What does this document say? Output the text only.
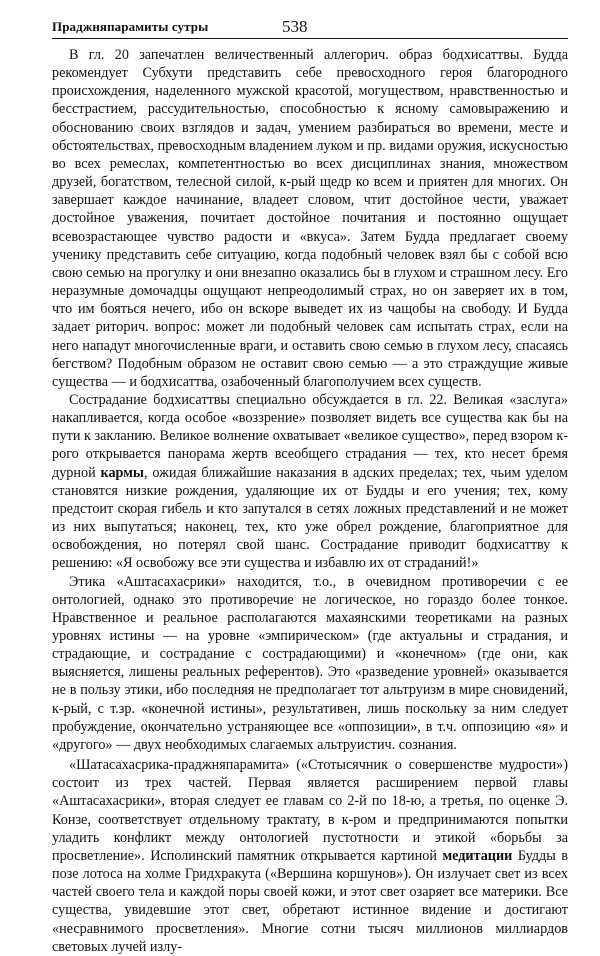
Праджняпарамиты сутры	538

В гл. 20 запечатлен величественный аллегорич. образ бодхисаттвы. Будда рекомендует Субхути представить себе превосходного героя благородного происхождения, наделенного мужской красотой, могуществом, нравственностью и бесстрастием, рассудительностью, способностью к ясному самовыражению и обоснованию своих взглядов и задач, умением разбираться во времени, месте и обстоятельствах, превосходным владением луком и пр. видами оружия, искусностью во всех ремеслах, компетентностью во всех дисциплинах знания, множеством друзей, богатством, телесной силой, к-рый щедр ко всем и приятен для многих. Он завершает каждое начинание, владеет словом, чтит достойное чести, уважает достойное уважения, почитает достойное почитания и постоянно ощущает всевозрастающее чувство радости и «вкуса». Затем Будда предлагает своему ученику представить себе ситуацию, когда подобный человек взял бы с собой всю свою семью на прогулку и они внезапно оказались бы в глухом и страшном лесу. Его неразумные домочадцы ощущают непреодолимый страх, но он заверяет их в том, что им бояться нечего, ибо он вскоре выведет их из чащобы на свободу. И Будда задает риторич. вопрос: может ли подобный человек сам испытать страх, если на него нападут многочисленные враги, и оставить свою семью в глухом лесу, спасаясь бегством? Подобным образом не оставит свою семью — а это страждущие живые существа — и бодхисаттва, озабоченный благополучием всех существ.

Сострадание бодхисаттвы специально обсуждается в гл. 22. Великая «заслуга» накапливается, когда особое «воззрение» позволяет видеть все существа как бы на пути к закланию. Великое волнение охватывает «великое существо», перед взором к-рого открывается панорама жертв всеобщего страдания — тех, кто несет бремя дурной кармы, ожидая ближайшие наказания в адских пределах; тех, чьим уделом становятся низкие рождения, удаляющие их от Будды и его учения; тех, кому предстоит скорая гибель и кто запутался в сетях ложных представлений и не может из них выпутаться; наконец, тех, кто уже обрел рождение, благоприятное для освобождения, но потерял свой шанс. Сострадание приводит бодхисаттву к решению: «Я освобожу все эти существа и избавлю их от страданий!»

Этика «Аштасахасрики» находится, т.о., в очевидном противоречии с ее онтологией, однако это противоречие не логическое, но гораздо более тонкое. Нравственное и реальное располагаются махаянскими теоретиками на разных уровнях истины — на уровне «эмпирическом» (где актуальны и страдания, и страдающие, и сострадание с сострадающими) и «конечном» (где они, как выясняется, лишены реальных референтов). Это «разведение уровней» оказывается не в пользу этики, ибо последняя не предполагает тот альтруизм в мире сновидений, к-рый, с т.зр. «конечной истины», результативен, лишь поскольку за ним следует пробуждение, окончательно устраняющее все «оппозиции», в т.ч. оппозицию «я» и «другого» — двух необходимых слагаемых альтруистич. сознания.

«Шатасахасрика-праджняпарамита» («Стотысячник о совершенстве мудрости») состоит из трех частей. Первая является расширением первой главы «Аштасахасрики», вторая следует ее главам со 2-й по 18-ю, а третья, по оценке Э. Конзе, соответствует отдельному трактату, в к-ром и предпринимаются попытки уладить конфликт между онтологией пустотности и этикой «борьбы за просветление». Исполинский памятник открывается картиной медитации Будды в позе лотоса на холме Гридхракута («Вершина коршунов»). Он излучает свет из всех частей своего тела и каждой поры своей кожи, и этот свет озаряет все материки. Все существа, увидевшие этот свет, обретают истинное видение и достигают «несравнимого просветления». Многие сотни тысяч миллионов миллиардов световых лучей излу-
